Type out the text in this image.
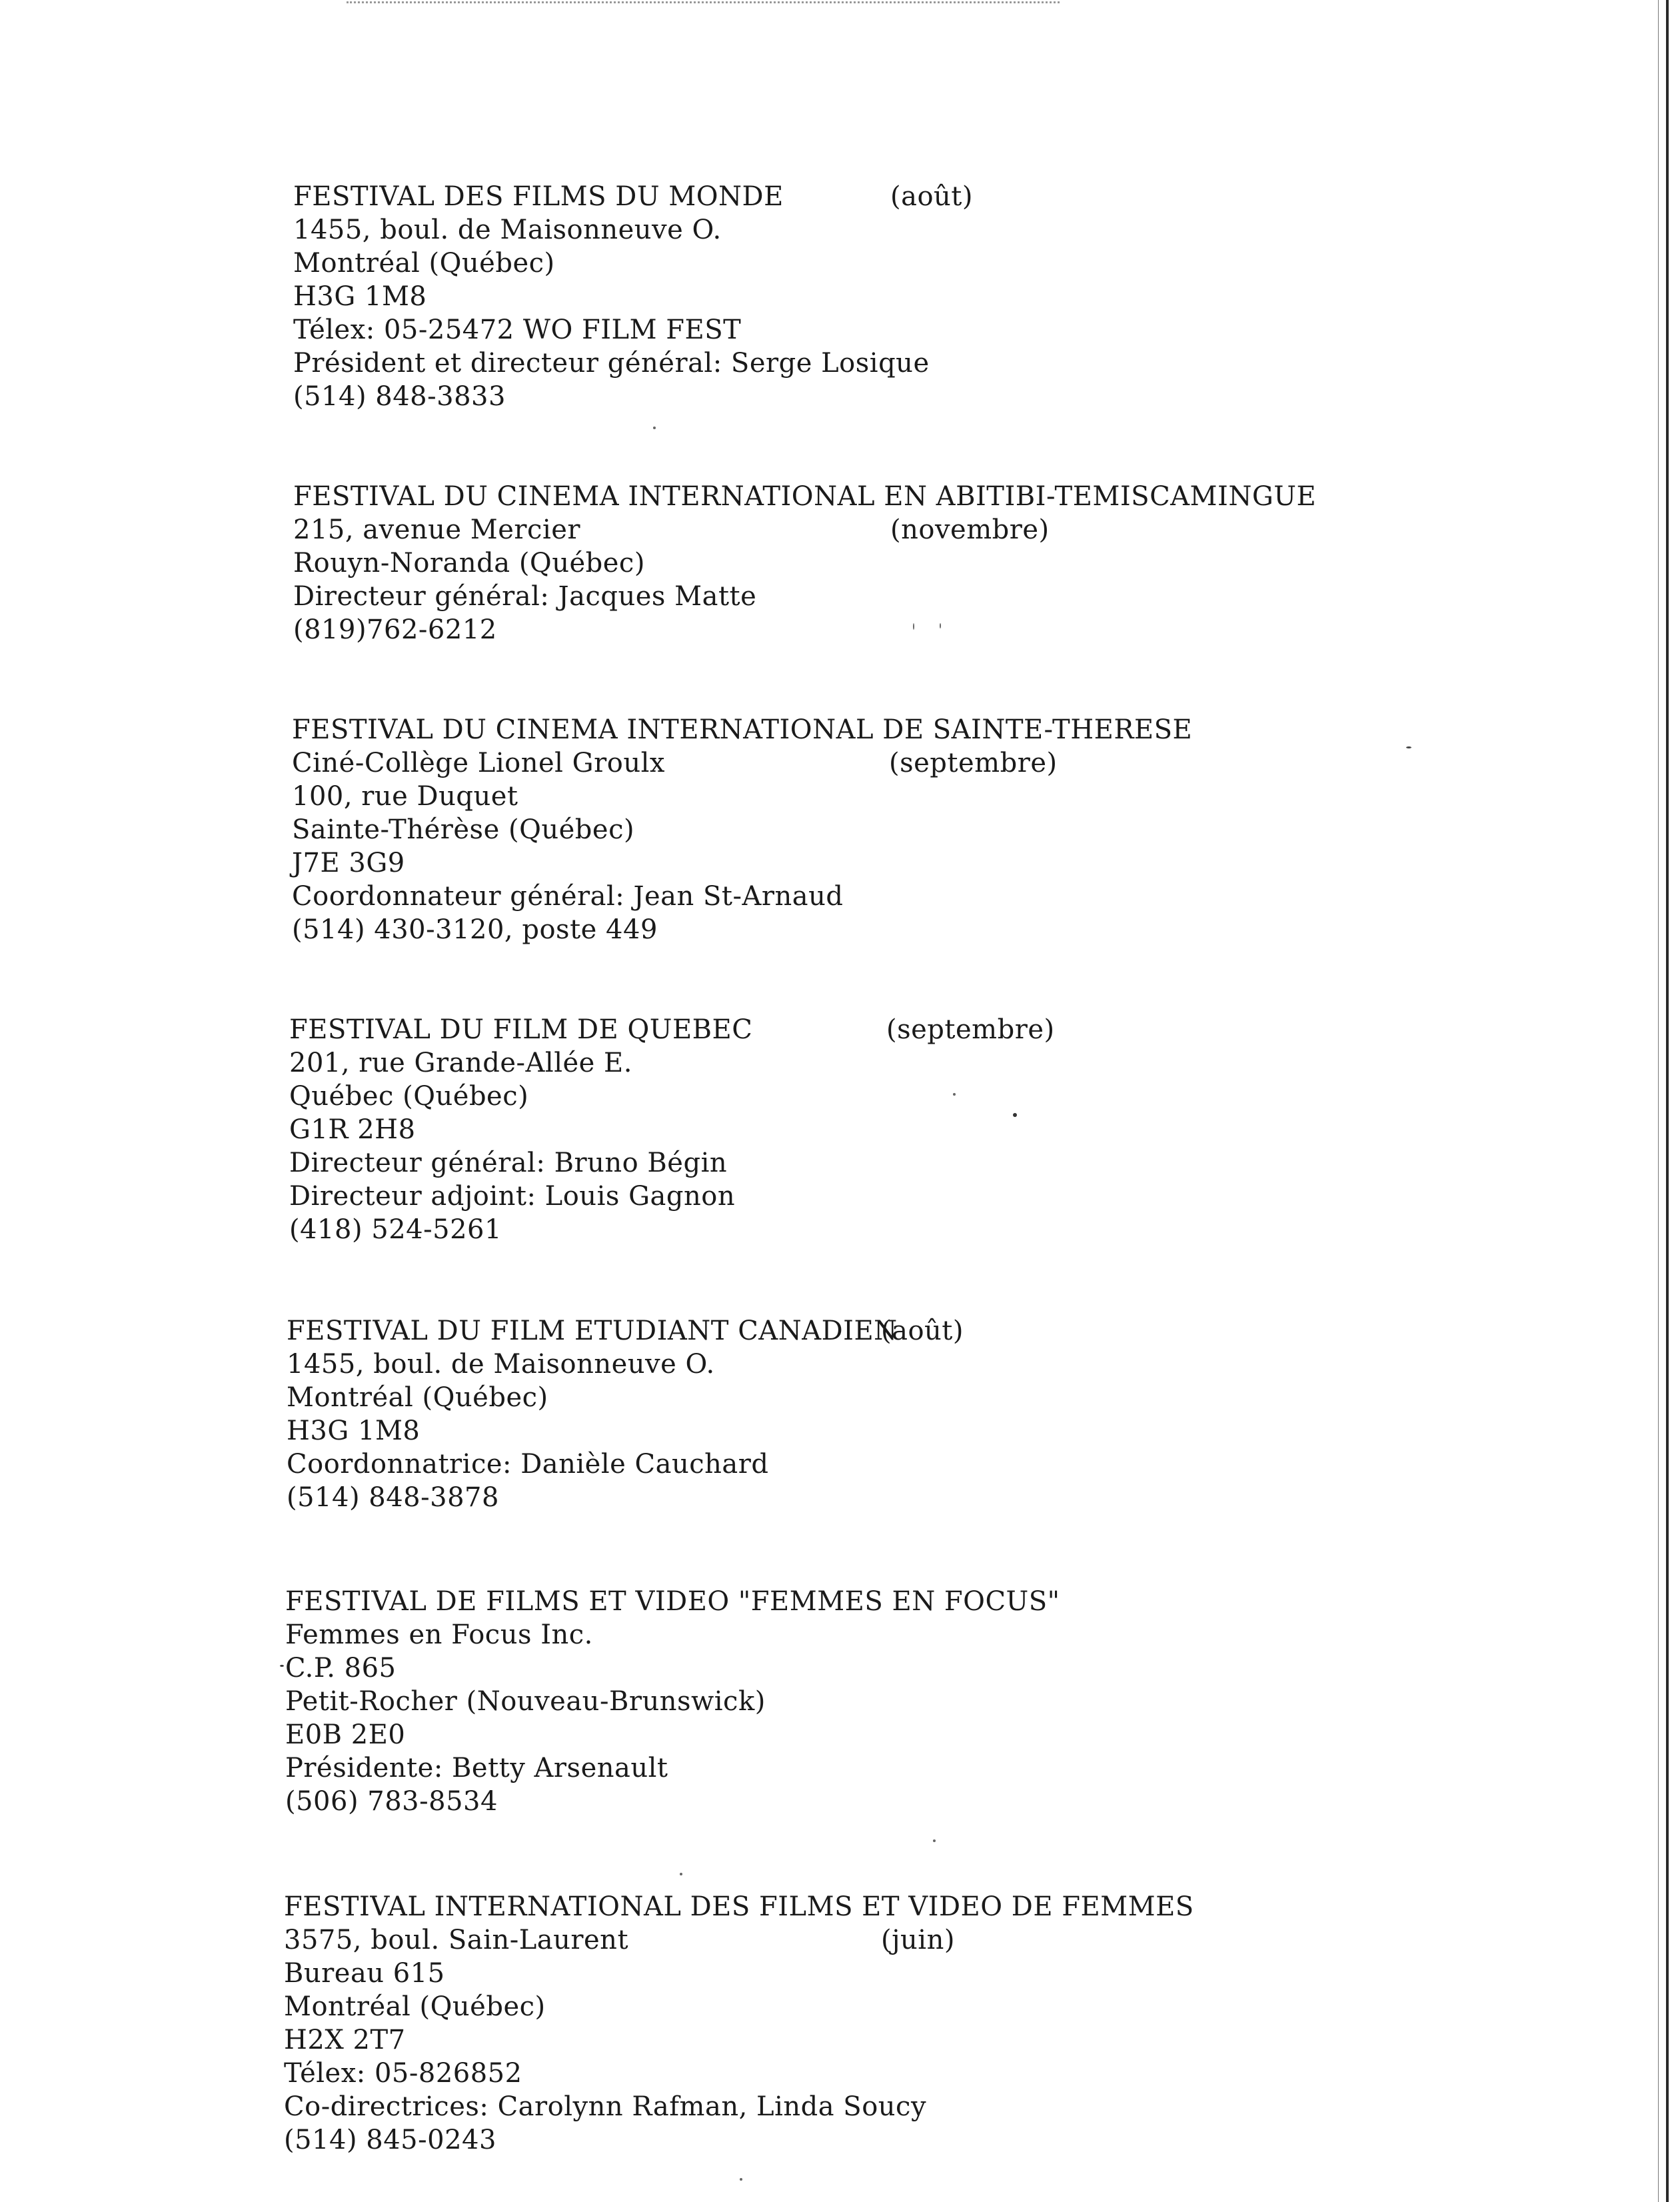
FESTIVAL DES FILMS DU MONDE	(août)
1455, boul. de Maisonneuve O.
Montréal (Québec)
H3G 1M8
Télex: 05-25472 WO FILM FEST
Président et directeur général: Serge Losique
(514) 848-3833
FESTIVAL DU CINEMA INTERNATIONAL EN ABITIBI-TEMISCAMINGUE
215, avenue Mercier	(novembre)
Rouyn-Noranda (Québec)
Directeur général: Jacques Matte
(819)762-6212
FESTIVAL DU CINEMA INTERNATIONAL DE SAINTE-THERESE
Ciné-Collège Lionel Groulx	(septembre)
100, rue Duquet
Sainte-Thérèse (Québec)
J7E 3G9
Coordonnateur général: Jean St-Arnaud
(514) 430-3120, poste 449
FESTIVAL DU FILM DE QUEBEC	(septembre)
201, rue Grande-Allée E.
Québec (Québec)
G1R 2H8
Directeur général: Bruno Bégin
Directeur adjoint: Louis Gagnon
(418) 524-5261
FESTIVAL DU FILM ETUDIANT CANADIEN
(août)
1455, boul. de Maisonneuve O.
Montréal (Québec)
H3G 1M8
Coordonnatrice: Danièle Cauchard
(514) 848-3878
FESTIVAL DE FILMS ET VIDEO "FEMMES EN FOCUS"
Femmes en Focus Inc.
C.P. 865
Petit-Rocher (Nouveau-Brunswick)
E0B 2E0
Présidente: Betty Arsenault
(506) 783-8534
FESTIVAL INTERNATIONAL DES FILMS ET VIDEO DE FEMMES
3575, boul. Sain-Laurent	(juin)
Bureau 615
Montréal (Québec)
H2X 2T7
Télex: 05-826852
Co-directrices: Carolynn Rafman, Linda Soucy
(514) 845-0243
